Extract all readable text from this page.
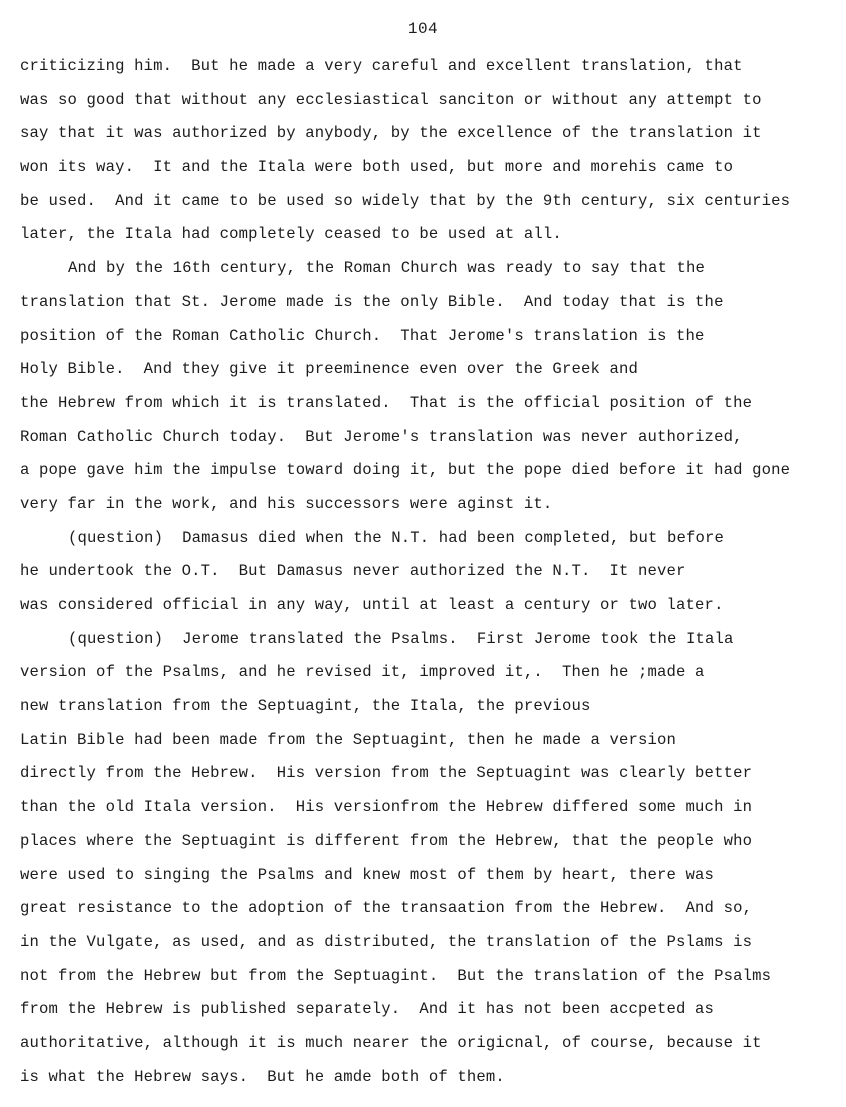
104
criticizing him.  But he made a very careful and excellent translation, that
was so good that without any ecclesiastical sanciton or without any attempt to
say that it was authorized by anybody, by the excellence of the translation it
won its way.  It and the Itala were both used, but more and morehis came to
be used.  And it came to be used so widely that by the 9th century, six centuries
later, the Itala had completely ceased to be used at all.
And by the 16th century, the Roman Church was ready to say that the
translation that St. Jerome made is the only Bible.  And today that is the
position of the Roman Catholic Church.  That Jerome's translation is the
Holy Bible.  And they give it preeminence even over the Greek and
the Hebrew from which it is translated.  That is the official position of the
Roman Catholic Church today.  But Jerome's translation was never authorized,
a pope gave him the impulse toward doing it, but the pope died before it had gone
very far in the work, and his successors were aginst it.
(question)  Damasus died when the N.T. had been completed, but before
he undertook the O.T.  But Damasus never authorized the N.T.  It never
was considered official in any way, until at least a century or two later.
(question)  Jerome translated the Psalms.  First Jerome took the Itala
version of the Psalms, and he revised it, improved it,.  Then he ;made a
new translation from the Septuagint, the Itala, the previous
Latin Bible had been made from the Septuagint, then he made a version
directly from the Hebrew.  His version from the Septuagint was clearly better
than the old Itala version.  His versionfrom the Hebrew differed some much in
places where the Septuagint is different from the Hebrew, that the people who
were used to singing the Psalms and knew most of them by heart, there was
great resistance to the adoption of the transaation from the Hebrew.  And so,
in the Vulgate, as used, and as distributed, the translation of the Pslams is
not from the Hebrew but from the Septuagint.  But the translation of the Psalms
from the Hebrew is published separately.  And it has not been accpeted as
authoritative, although it is much nearer the origicnal, of course, because it
is what the Hebrew says.  But he amde both of them.
